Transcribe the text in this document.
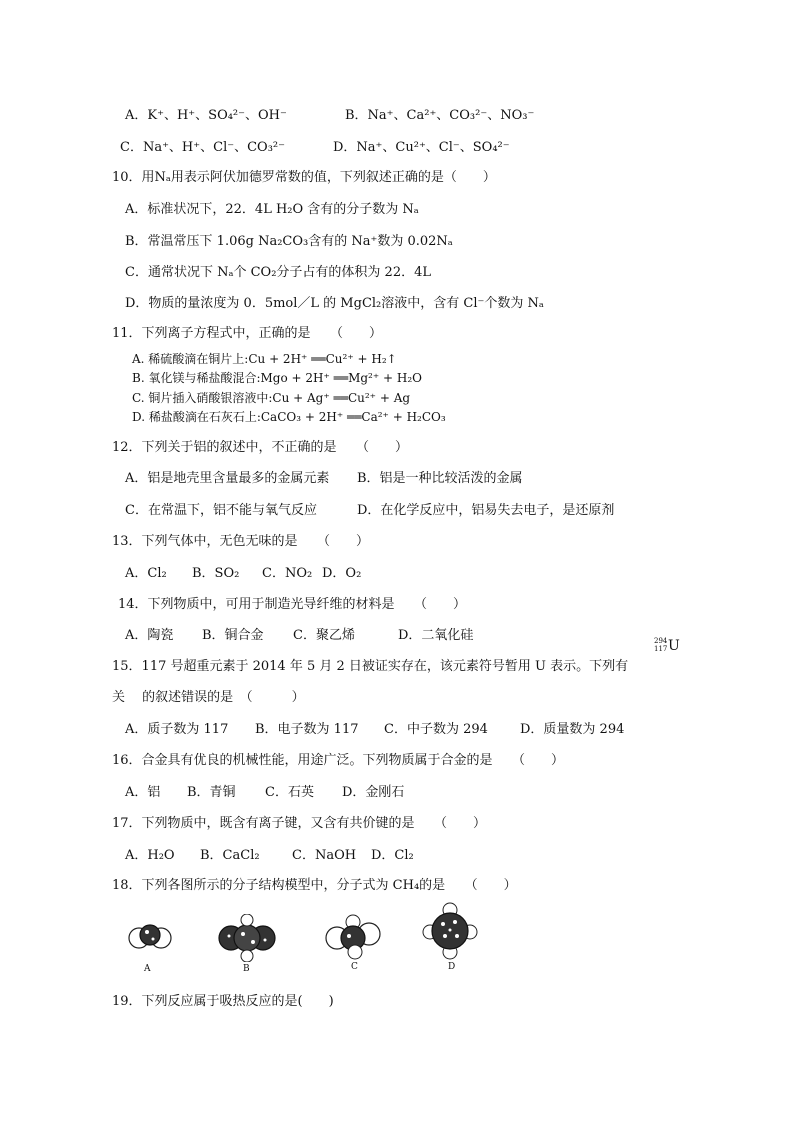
A．K⁺、H⁺、SO₄²⁻、OH⁻	B．Na⁺、Ca²⁺、CO₃²⁻、NO₃⁻
C．Na⁺、H⁺、Cl⁻、CO₃²⁻	D．Na⁺、Cu²⁺、Cl⁻、SO₄²⁻
10．用Nₐ用表示阿伏加德罗常数的值，下列叙述正确的是（　　）
A．标准状况下，22．4L H₂O 含有的分子数为 Nₐ
B．常温常压下 1.06g Na₂CO₃含有的 Na⁺数为 0.02Nₐ
C．通常状况下 Nₐ个 CO₂分子占有的体积为 22．4L
D．物质的量浓度为 0．5mol／L 的 MgCl₂溶液中，含有 Cl⁻个数为 Nₐ
11．下列离子方程式中，正确的是　　（　　）
A. 稀硫酸滴在铜片上:Cu + 2H⁺ ══Cu²⁺ + H₂↑
B. 氧化镁与稀盐酸混合:Mgo + 2H⁺ ══Mg²⁺ + H₂O
C. 铜片插入硝酸银溶液中:Cu + Ag⁺ ══Cu²⁺ + Ag
D. 稀盐酸滴在石灰石上:CaCO₃ + 2H⁺ ══Ca²⁺ + H₂CO₃
12．下列关于铝的叙述中，不正确的是　　（　　）
A．铝是地壳里含量最多的金属元素 B．铝是一种比较活泼的金属
C．在常温下，铝不能与氧气反应	D．在化学反应中，铝易失去电子，是还原剂
13．下列气体中，无色无味的是　　（　　）
A．Cl₂ B．SO₂ C．NO₂ D．O₂
14．下列物质中，可用于制造光导纤维的材料是　　（　　）
A．陶瓷 B．铜合金 C．聚乙烯	D．二氧化硅	294
117 U
15．117 号超重元素于 2014 年 5 月 2 日被证实存在，该元素符号暂用 U 表示。下列有
关　 的叙述错误的是　（　　　）
A．质子数为 117 B．电子数为 117 C．中子数为 294 D．质量数为 294
16．合金具有优良的机械性能，用途广泛。下列物质属于合金的是　　（　　）
A．铝 B．青铜 C．石英 D．金刚石
17．下列物质中，既含有离子键，又含有共价键的是　　（　　）
A．H₂O B．CaCl₂ C．NaOH D．Cl₂
18．下列各图所示的分子结构模型中，分子式为 CH₄的是　　（　　）
A	B	C	D
19．下列反应属于吸热反应的是(　　)
